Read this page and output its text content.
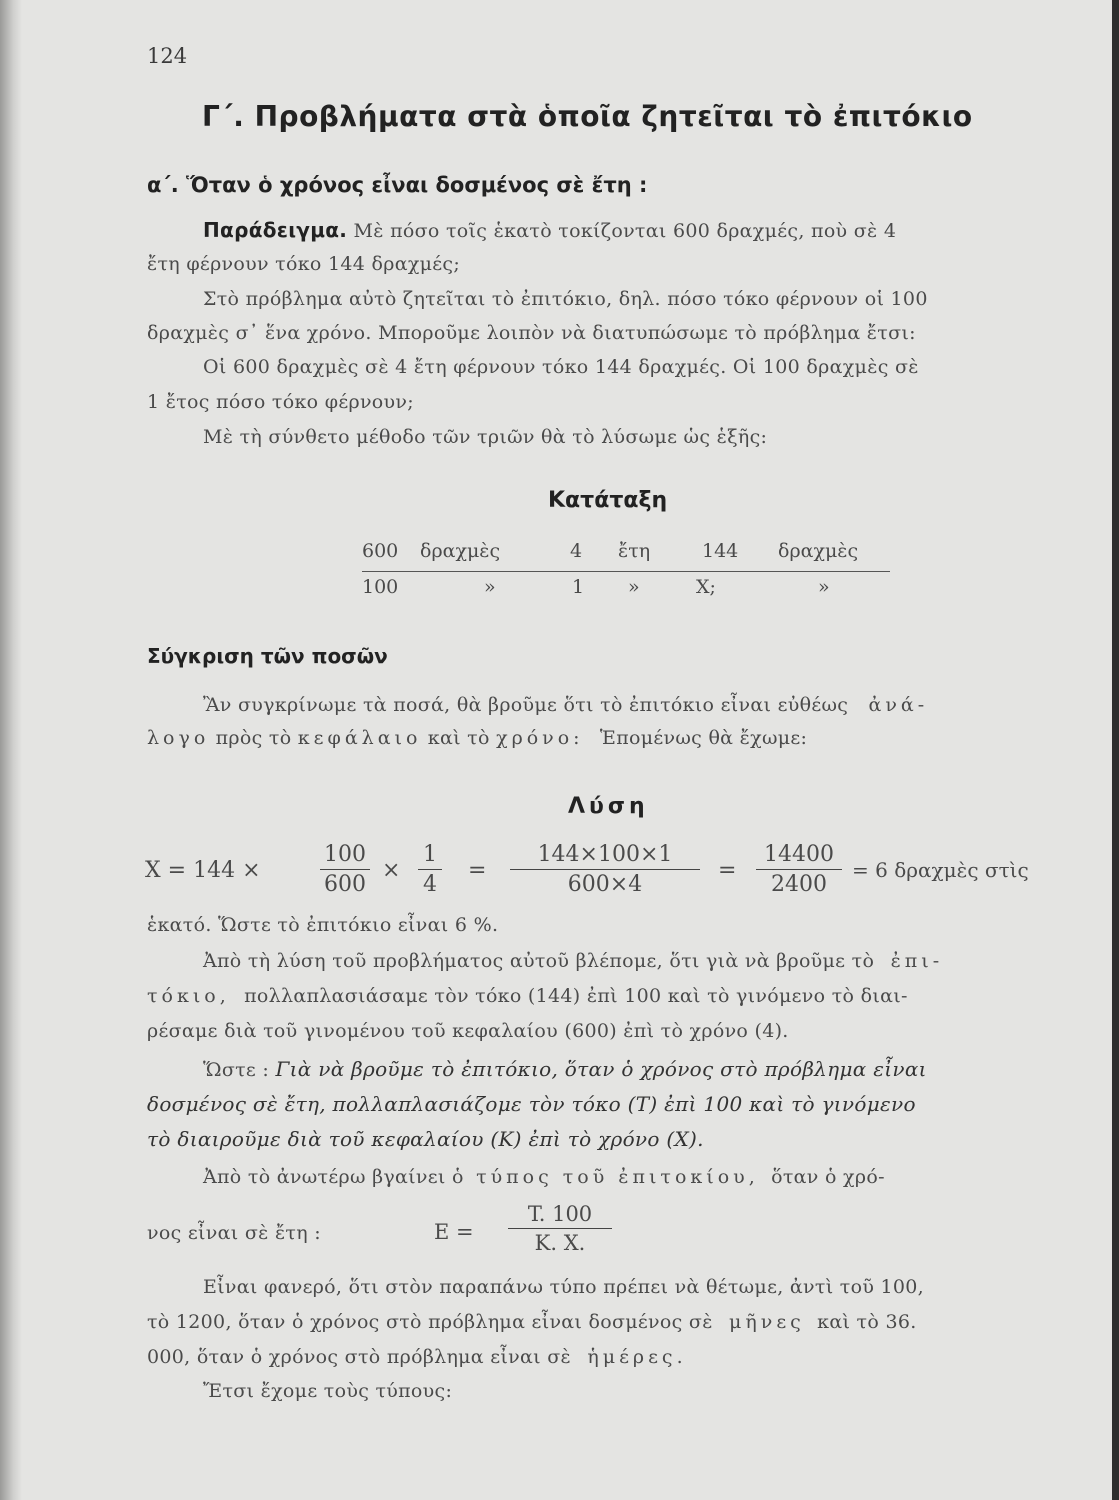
124
Γ΄. Προβλήματα στὰ ὁποῖα ζητεῖται τὸ ἐπιτόκιο
α΄. Ὅταν ὁ χρόνος εἶναι δοσμένος σὲ ἔτη :
Παράδειγμα. Μὲ πόσο τοῖς ἑκατὸ τοκίζονται 600 δραχμές, ποὺ σὲ 4
ἔτη φέρνουν τόκο 144 δραχμές;
Στὸ πρόβλημα αὐτὸ ζητεῖται τὸ ἐπιτόκιο, δηλ. πόσο τόκο φέρνουν οἱ 100
δραχμὲς σ᾽ ἕνα χρόνο. Μποροῦμε λοιπὸν νὰ διατυπώσωμε τὸ πρόβλημα ἔτσι:
Οἱ 600 δραχμὲς σὲ 4 ἔτη φέρνουν τόκο 144 δραχμές. Οἱ 100 δραχμὲς σὲ
1 ἔτος πόσο τόκο φέρνουν;
Μὲ τὴ σύνθετο μέθοδο τῶν τριῶν θὰ τὸ λύσωμε ὡς ἑξῆς:
Κατάταξη
600 δραχμὲς	4 ἔτη	144 δραχμὲς
100	»	1 »	X;	»
Σύγκριση τῶν ποσῶν
Ἂν συγκρίνωμε τὰ ποσά, θὰ βροῦμε ὅτι τὸ ἐπιτόκιο εἶναι εὐθέως ἀνά-
λογο πρὸς τὸ κεφάλαιο καὶ τὸ χρόνο: Ἑπομένως θὰ ἔχωμε:
Λύση
X = 144 ×
100
600
×
1
4
=
144×100×1
600×4
=
14400
2400
= 6 δραχμὲς στὶς
ἑκατό. Ὥστε τὸ ἐπιτόκιο εἶναι 6 %.
Ἀπὸ τὴ λύση τοῦ προβλήματος αὐτοῦ βλέπομε, ὅτι γιὰ νὰ βροῦμε τὸ ἐπι-
τόκιο, πολλαπλασιάσαμε τὸν τόκο (144) ἐπὶ 100 καὶ τὸ γινόμενο τὸ διαι-
ρέσαμε διὰ τοῦ γινομένου τοῦ κεφαλαίου (600) ἐπὶ τὸ χρόνο (4).
Ὥστε : Γιὰ νὰ βροῦμε τὸ ἐπιτόκιο, ὅταν ὁ χρόνος στὸ πρόβλημα εἶναι
δοσμένος σὲ ἔτη, πολλαπλασιάζομε τὸν τόκο (T) ἐπὶ 100 καὶ τὸ γινόμενο
τὸ διαιροῦμε διὰ τοῦ κεφαλαίου (K) ἐπὶ τὸ χρόνο (X).
Ἀπὸ τὸ ἀνωτέρω βγαίνει ὁ τύπος τοῦ ἐπιτοκίου, ὅταν ὁ χρό-
νος εἶναι σὲ ἔτη :	E =
T. 100
K. X.
Εἶναι φανερό, ὅτι στὸν παραπάνω τύπο πρέπει νὰ θέτωμε, ἀντὶ τοῦ 100,
τὸ 1200, ὅταν ὁ χρόνος στὸ πρόβλημα εἶναι δοσμένος σὲ μῆνες καὶ τὸ 36.
000, ὅταν ὁ χρόνος στὸ πρόβλημα εἶναι σὲ ἡμέρες.
Ἔτσι ἔχομε τοὺς τύπους:
